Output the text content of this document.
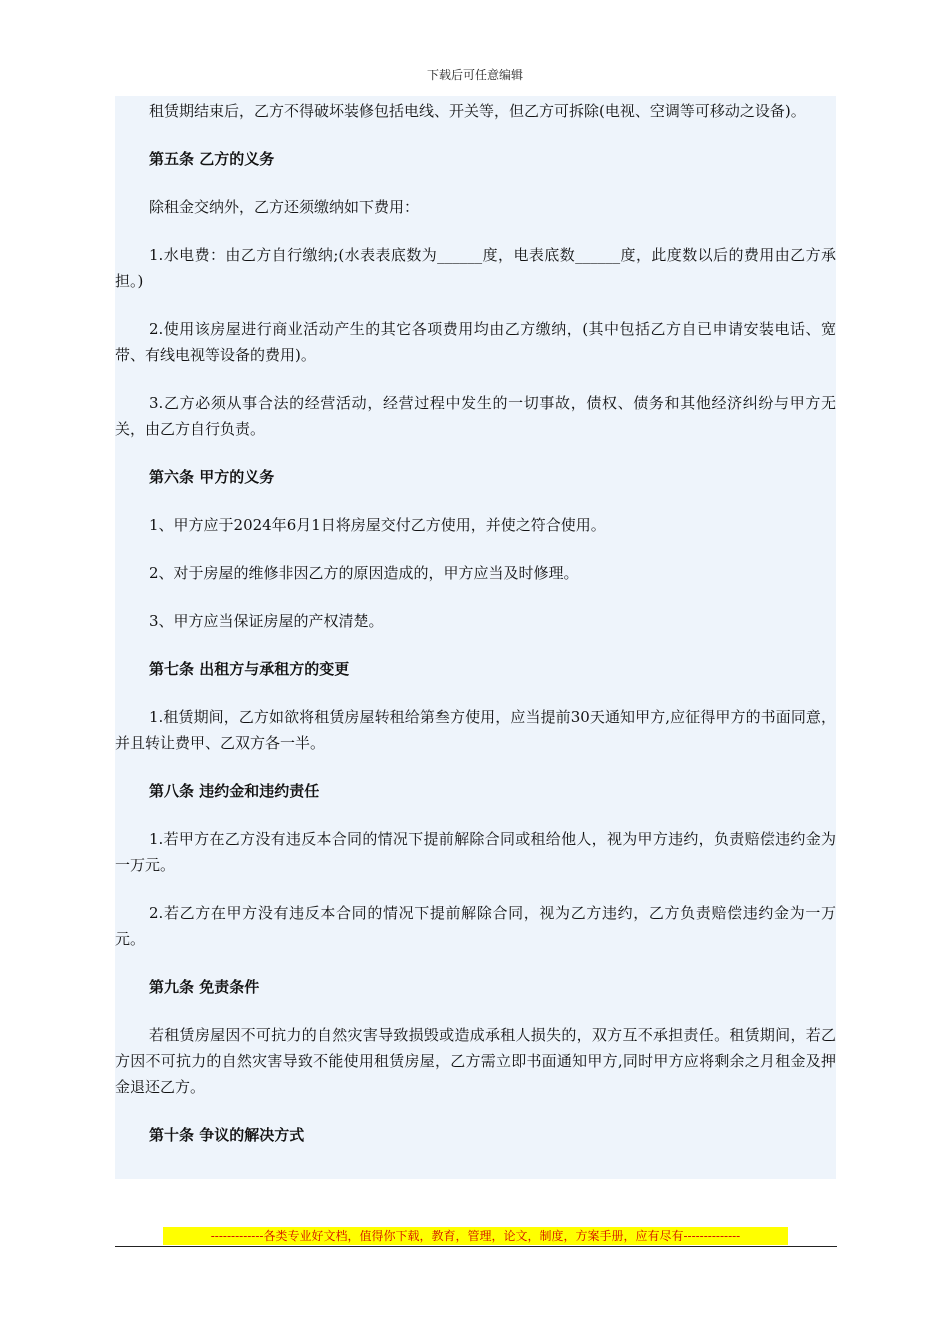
下载后可任意编辑

租赁期结束后，乙方不得破坏装修包括电线、开关等，但乙方可拆除(电视、空调等可移动之设备)。

第五条 乙方的义务

除租金交纳外，乙方还须缴纳如下费用：

1.水电费：由乙方自行缴纳;(水表表底数为______度，电表底数______度，此度数以后的费用由乙方承担。)

2.使用该房屋进行商业活动产生的其它各项费用均由乙方缴纳，(其中包括乙方自已申请安装电话、宽带、有线电视等设备的费用)。

3.乙方必须从事合法的经营活动，经营过程中发生的一切事故，债权、债务和其他经济纠纷与甲方无关，由乙方自行负责。

第六条 甲方的义务

1、甲方应于2024年6月1日将房屋交付乙方使用，并使之符合使用。

2、对于房屋的维修非因乙方的原因造成的，甲方应当及时修理。

3、甲方应当保证房屋的产权清楚。

第七条 出租方与承租方的变更

1.租赁期间，乙方如欲将租赁房屋转租给第叁方使用，应当提前30天通知甲方,应征得甲方的书面同意，并且转让费甲、乙双方各一半。

第八条 违约金和违约责任

1.若甲方在乙方没有违反本合同的情况下提前解除合同或租给他人，视为甲方违约，负责赔偿违约金为一万元。

2.若乙方在甲方没有违反本合同的情况下提前解除合同，视为乙方违约，乙方负责赔偿违约金为一万元。

第九条 免责条件

若租赁房屋因不可抗力的自然灾害导致损毁或造成承租人损失的，双方互不承担责任。租赁期间，若乙方因不可抗力的自然灾害导致不能使用租赁房屋，乙方需立即书面通知甲方,同时甲方应将剩余之月租金及押金退还乙方。

第十条 争议的解决方式

-------------各类专业好文档，值得你下载，教育，管理，论文，制度，方案手册，应有尽有--------------
